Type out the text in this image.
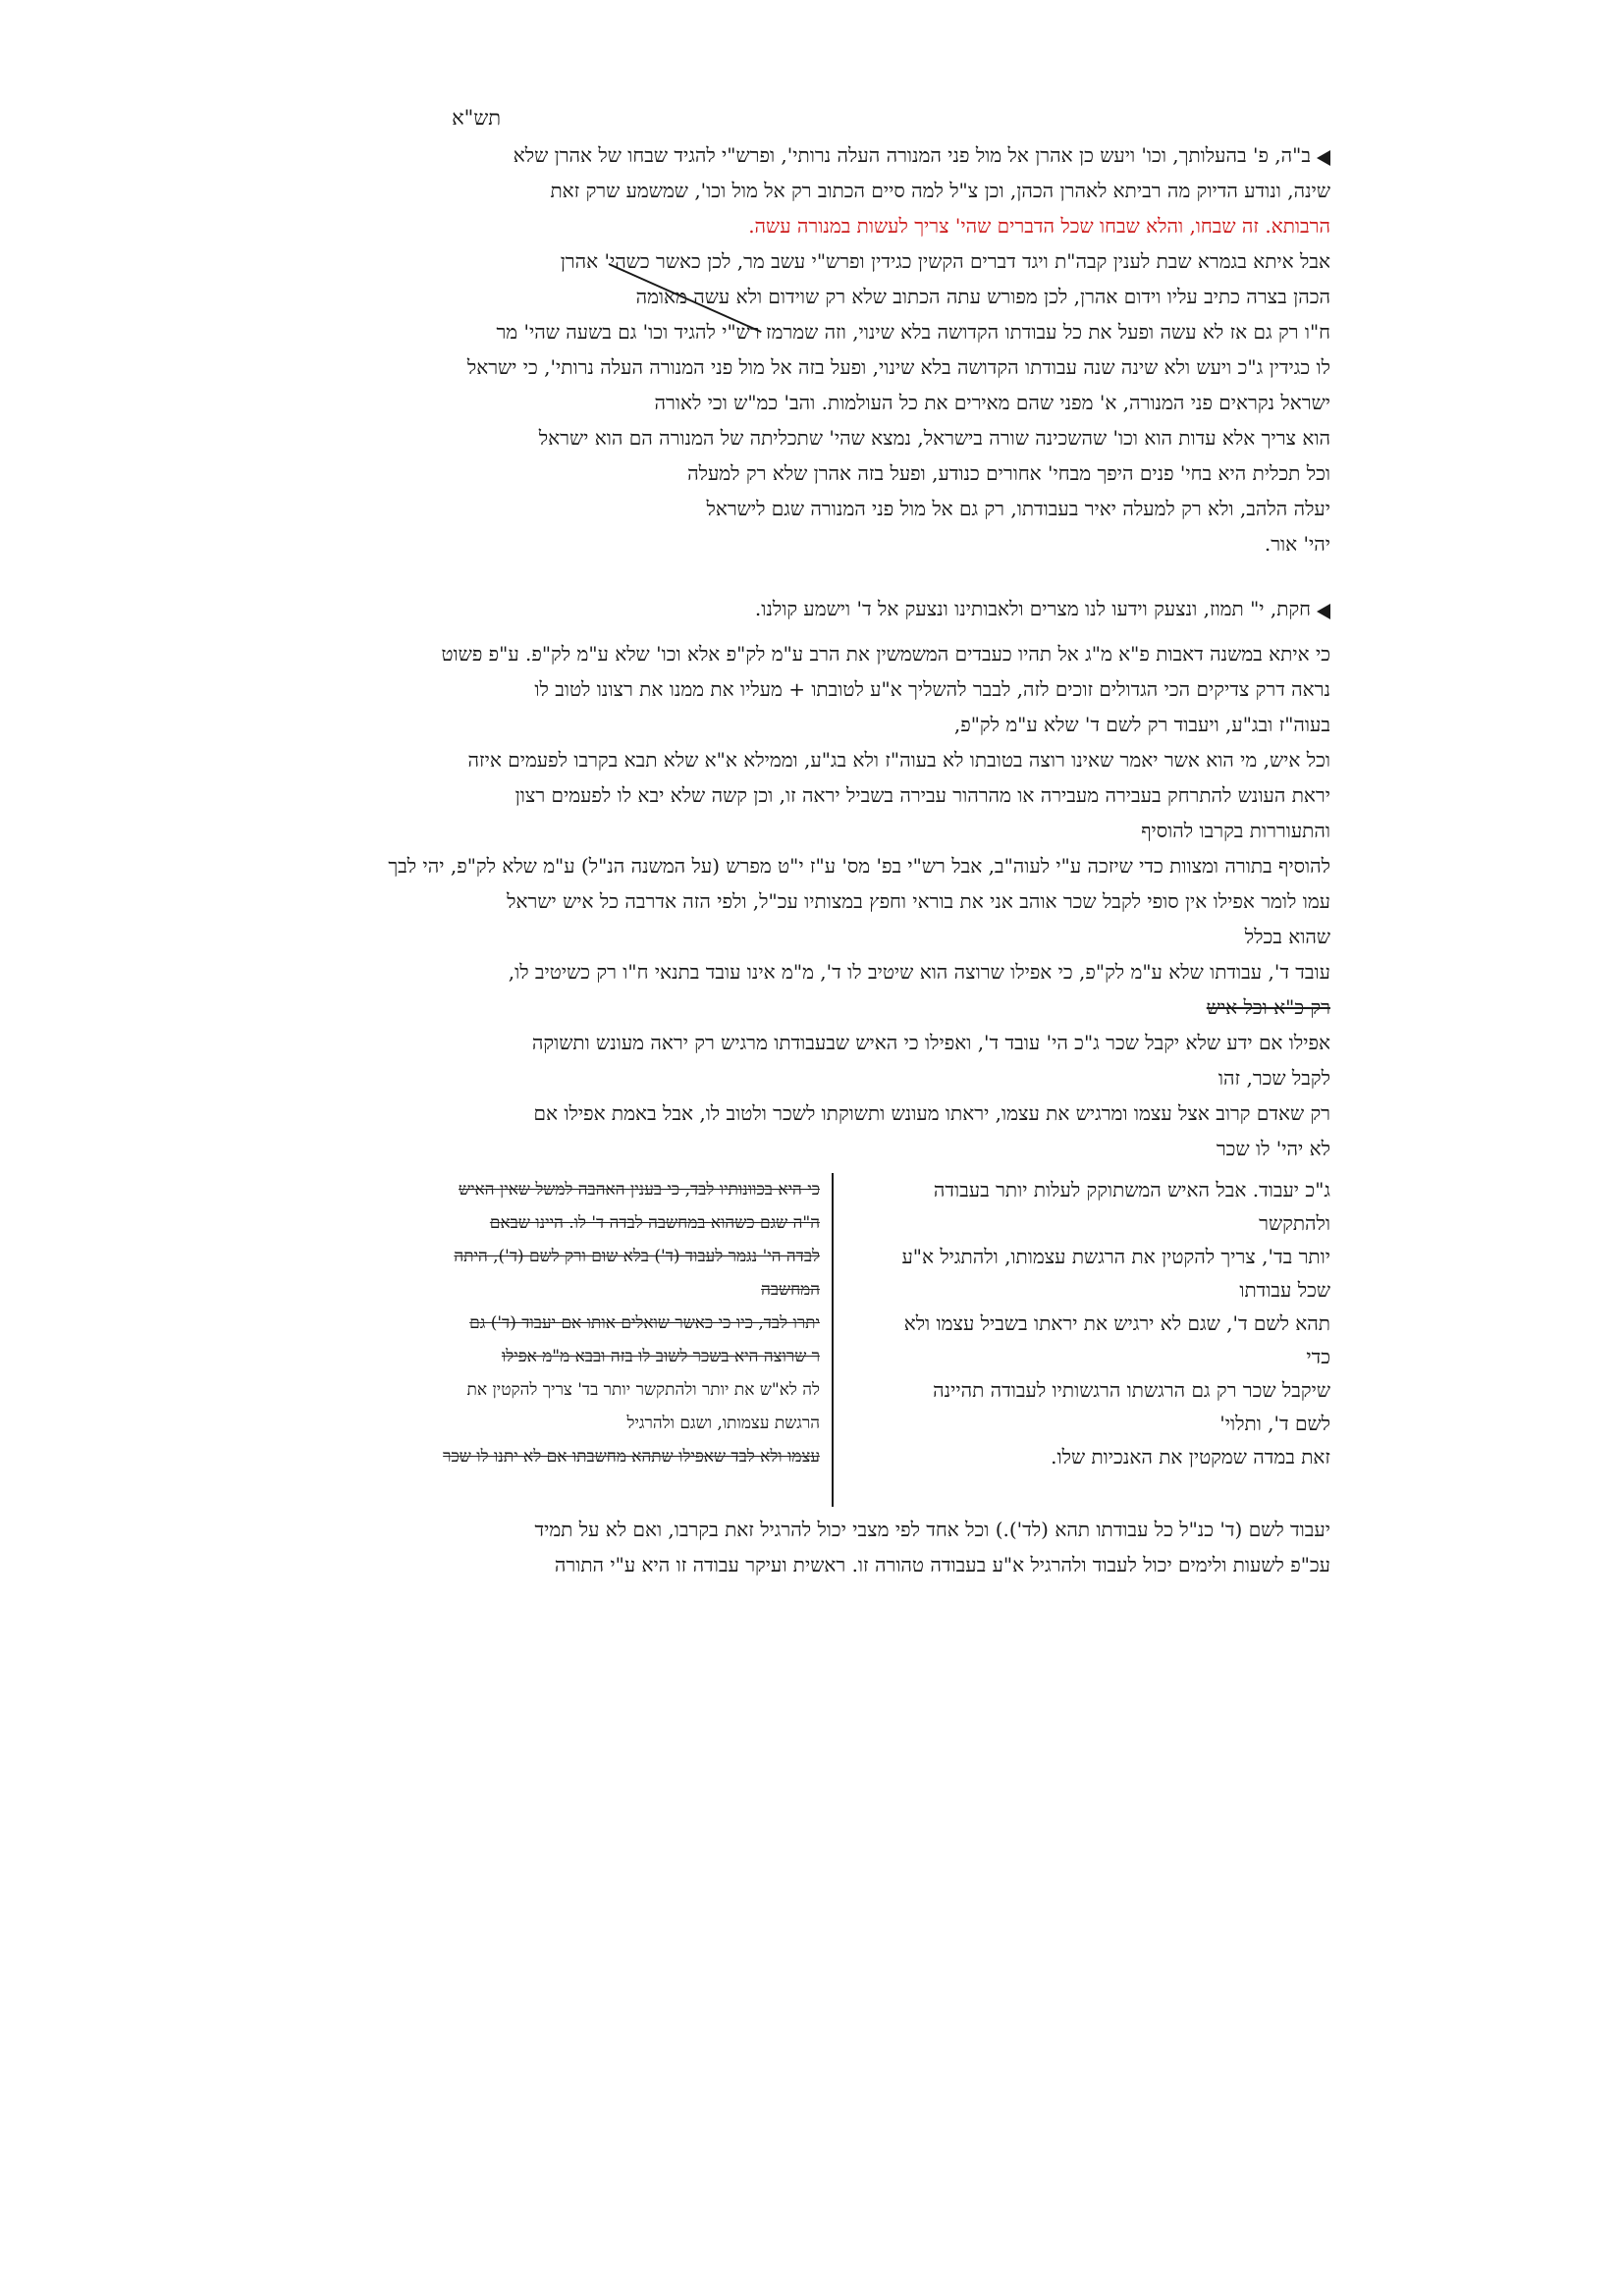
תש"א
ב"ה, פ' בהעלותך, וכו' ויעש כן אהרן אל מול פני המנורה העלה נרותי', ופרש"י להגיד שבחו של אהרן שלא
שינה, ונודע הדיוק מה רביתא לאהרן הכהן, וכן צ"ל למה סיים הכתוב רק אל מול וכו', שמשמע שרק זאת
הרבותא. זה שבחו, והלא שבחו שכל הדברים שהי' צריך לעשות במנורה עשה.
אבל איתא בגמרא שבת לענין קבה"ת ויגד דברים הקשין כגידין ופרש"י עשב מר, לכן כאשר כשהי' אהרן
הכהן בצרה כתיב עליו וידום אהרן, לכן מפורש עתה הכתוב שלא רק שוידום ולא עשה מאומה
ח"ו רק גם אז לא עשה ופעל את כל עבודתו הקדושה בלא שינוי, וזה שמרמז רש"י להגיד וכו' גם בשעה שהי' מר
לו כגידין ג"כ ויעש ולא שינה שנה עבודתו הקדושה בלא שינוי, ופעל בזה אל מול פני המנורה העלה נרותי', כי ישראל
ישראל נקראים פני המנורה, א' מפני שהם מאירים את כל העולמות. והב' כמ"ש וכי לאורה
הוא צריך אלא עדות הוא וכו' שהשכינה שורה בישראל, נמצא שהי' שתכליתה של המנורה הם הוא ישראל
וכל תכלית היא בחי' פנים היפך מבחי' אחורים כנודע, ופעל בזה אהרן שלא רק למעלה
יעלה הלהב, ולא רק למעלה יאיר בעבודתו, רק גם אל מול פני המנורה שגם לישראל
יהי' אור.
חקת, י" תמוז, ונצעק וידעו לנו מצרים ולאבותינו ונצעק אל ד' וישמע קולנו.
כי איתא במשנה דאבות פ"א מ"ג אל תהיו כעבדים המשמשין את הרב ע"מ לק"פ אלא וכו' שלא ע"מ לק"פ. ע"פ פשוט
נראה דרק צדיקים הכי הגדולים זוכים לזה, לבבר להשליך א"ע לטובתו + מעליו את ממנו את רצונו לטוב לו
בעוה"ז ובג"ע, ויעבוד רק לשם ד' שלא ע"מ לק"פ,
וכל איש, מי הוא אשר יאמר שאינו רוצה בטובתו לא בעוה"ז ולא בג"ע, וממילא א"א שלא תבא בקרבו לפעמים איזה
יראת העונש להתרחק בעבירה מעבירה או מהרהור עבירה בשביל יראה זו, וכן קשה שלא יבא לו לפעמים רצון
והתעוררות בקרבו להוסיף
להוסיף בתורה ומצוות כדי שיזכה ע"י לעוה"ב, אבל רש"י בפ' מס' ע"ז י"ט מפרש (על המשנה הנ"ל) ע"מ שלא לק"פ, יהי לבך
עמו לומר אפילו אין סופי לקבל שכר אוהב אני את בוראי וחפץ במצותיו עכ"ל, ולפי הזה אדרבה כל איש ישראל
שהוא בכלל
עובד ד', עבודתו שלא ע"מ לק"פ, כי אפילו שרוצה הוא שיטיב לו ד', מ"מ אינו עובד בתנאי ח"ו רק כשיטיב לו,
רק כ"א וכל איש
אפילו אם ידע שלא יקבל שכר ג"כ הי' עובד ד', ואפילו כי האיש שבעבודתו מרגיש רק יראה מעונש ותשוקה
לקבל שכר, זהו
רק שאדם קרוב אצל עצמו ומרגיש את עצמו, יראתו מעונש ותשוקתו לשכר ולטוב לו, אבל באמת אפילו אם
לא יהי' לו שכר
ג"כ יעבוד. אבל האיש המשתוקק לעלות יותר בעבודה
ולהתקשר
יותר בד', צריך להקטין את הרגשת עצמותו, ולהתגיל א"ע
שכל עבודתו
תהא לשם ד', שגם לא ירגיש את יראתו בשביל עצמו ולא
כדי
שיקבל שכר רק גם הרגשתו הרגשותיו לעבודה תהיינה
לשם ד', ותלוי'
זאת במדה שמקטין את האנכיות שלו.
כי היא בכוונותיו לבד, כי בענין האהבה למשל שאין האיש
ה"ה שגם כשהוא במחשבה לבדה ד' לו. היינו שבאם
לבדה הי' נגמר לעבוד (ד') בלא שום ורק לשם (ד'), היתה
המחשבה
יתרו לבד, כיו כי כאשר שואלים אותו אם יעבוד (ד') גם
ר שרוצה היא בשכר לשוב לו בזה ובבא מ"מ אפילו
לה לא"ש את יותר ולהתקשר יותר בד' צריך להקטין את
הרגשת עצמותו, ושגם ולהרגיל
עצמו ולא לבד שאפילו שתהא מחשבתו אם לא יתנו לו שכר
יעבוד לשם (ד' כנ"ל כל עבודתו תהא (לד').) וכל אחד לפי מצבי יכול להרגיל זאת בקרבו, ואם לא על תמיד
עכ"פ לשעות ולימים יכול לעבוד ולהרגיל א"ע בעבודה טהורה זו. ראשית ועיקר עבודה זו היא ע"י התורה
